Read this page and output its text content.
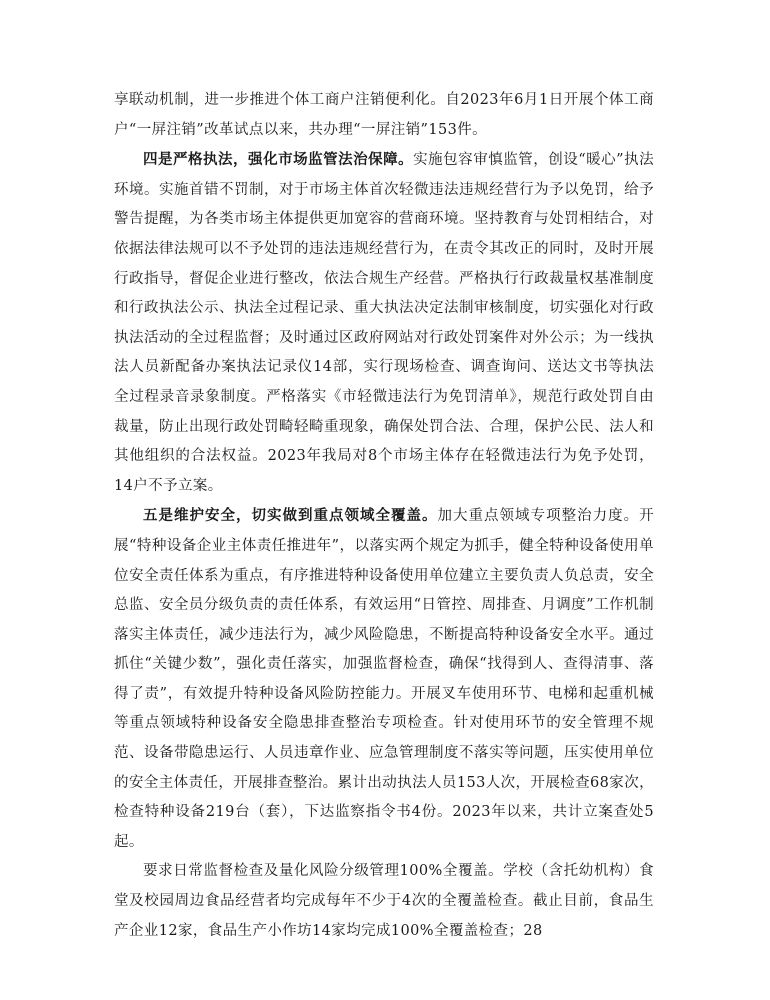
享联动机制，进一步推进个体工商户注销便利化。自2023年6月1日开展个体工商户“一屏注销”改革试点以来，共办理“一屏注销”153件。

四是严格执法，强化市场监管法治保障。实施包容审慎监管，创设“暖心”执法环境。实施首错不罚制，对于市场主体首次轻微违法违规经营行为予以免罚，给予警告提醒，为各类市场主体提供更加宽容的营商环境。坚持教育与处罚相结合，对依据法律法规可以不予处罚的违法违规经营行为，在责令其改正的同时，及时开展行政指导，督促企业进行整改，依法合规生产经营。严格执行行政裁量权基准制度和行政执法公示、执法全过程记录、重大执法决定法制审核制度，切实强化对行政执法活动的全过程监督；及时通过区政府网站对行政处罚案件对外公示；为一线执法人员新配备办案执法记录仪14部，实行现场检查、调查询问、送达文书等执法全过程录音录象制度。严格落实《市轻微违法行为免罚清单》，规范行政处罚自由裁量，防止出现行政处罚畸轻畸重现象，确保处罚合法、合理，保护公民、法人和其他组织的合法权益。2023年我局对8个市场主体存在轻微违法行为免予处罚，14户不予立案。

五是维护安全，切实做到重点领域全覆盖。加大重点领域专项整治力度。开展“特种设备企业主体责任推进年”，以落实两个规定为抓手，健全特种设备使用单位安全责任体系为重点，有序推进特种设备使用单位建立主要负责人负总责，安全总监、安全员分级负责的责任体系，有效运用“日管控、周排查、月调度”工作机制落实主体责任，减少违法行为，减少风险隐患，不断提高特种设备安全水平。通过抓住“关键少数”，强化责任落实，加强监督检查，确保“找得到人、查得清事、落得了责”，有效提升特种设备风险防控能力。开展叉车使用环节、电梯和起重机械等重点领域特种设备安全隐患排查整治专项检查。针对使用环节的安全管理不规范、设备带隐患运行、人员违章作业、应急管理制度不落实等问题，压实使用单位的安全主体责任，开展排查整治。累计出动执法人员153人次，开展检查68家次，检查特种设备219台（套），下达监察指令书4份。2023年以来，共计立案查处5起。

要求日常监督检查及量化风险分级管理100%全覆盖。学校（含托幼机构）食堂及校园周边食品经营者均完成每年不少于4次的全覆盖检查。截止目前，食品生产企业12家，食品生产小作坊14家均完成100%全覆盖检查；28
